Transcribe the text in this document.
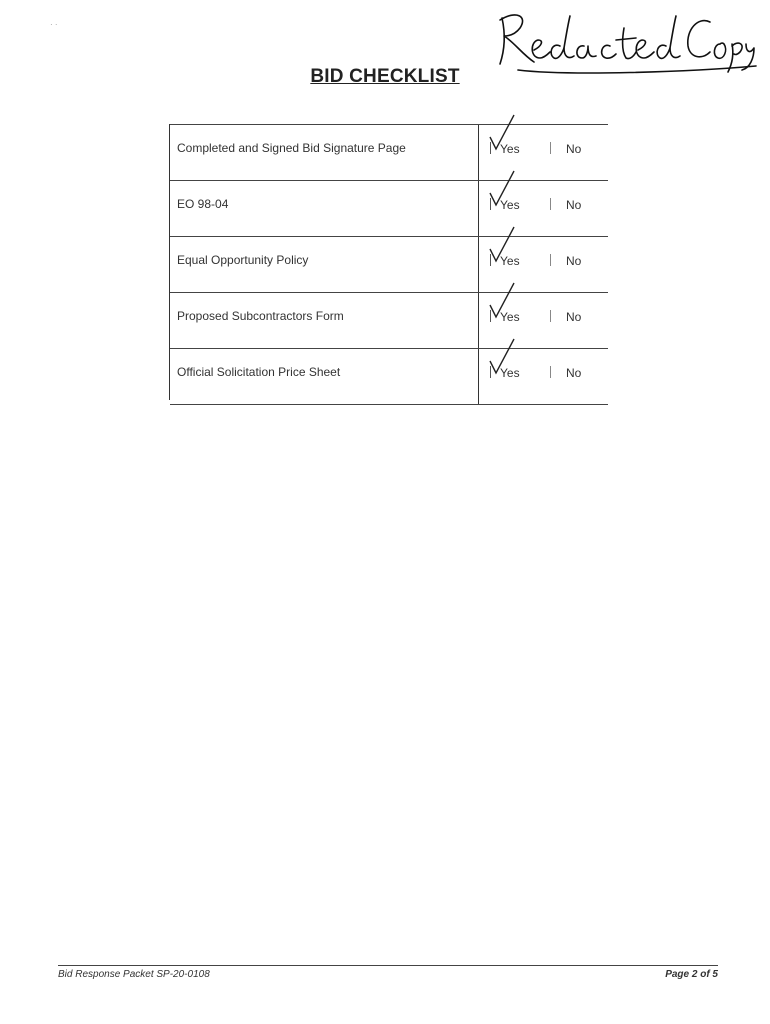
· ·
BID CHECKLIST
Completed and Signed Bid Signature Page	Yes	No
EO 98-04	Yes	No
Equal Opportunity Policy	Yes	No
Proposed Subcontractors Form	Yes	No
Official Solicitation Price Sheet	Yes	No
Bid Response Packet SP-20-0108	Page 2 of 5
